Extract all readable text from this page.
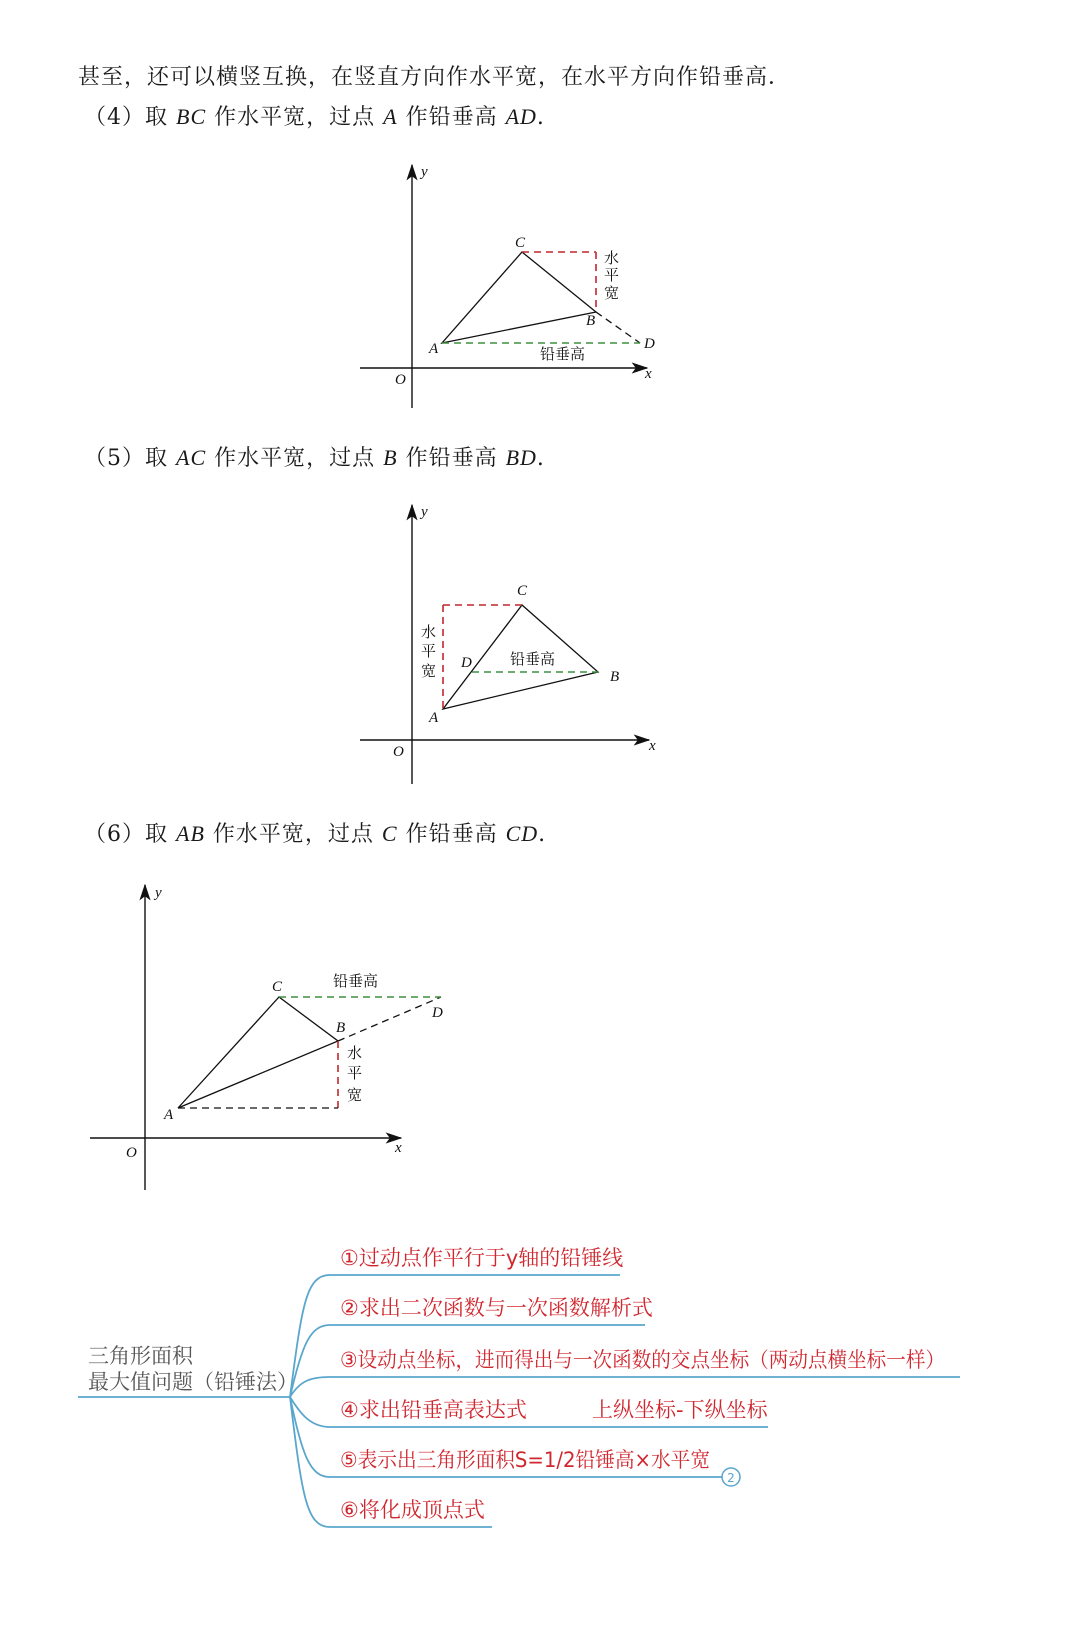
甚至，还可以横竖互换，在竖直方向作水平宽，在水平方向作铅垂高．
（4）取 BC 作水平宽，过点 A 作铅垂高 AD.
y
x
O
A
B
C
D
水
平
宽
铅垂高
（5）取 AC 作水平宽，过点 B 作铅垂高 BD.
y
x
O
A
B
C
D
水
平
宽
铅垂高
（6）取 AB 作水平宽，过点 C 作铅垂高 CD.
y
x
O
A
B
C
D
水
平
宽
铅垂高
2
三角形面积
最大值问题（铅锤法）
①过动点作平行于y轴的铅锤线
②求出二次函数与一次函数解析式
③设动点坐标，进而得出与一次函数的交点坐标（两动点横坐标一样）
④求出铅垂高表达式	上纵坐标-下纵坐标
⑤表示出三角形面积S=1/2铅锤高×水平宽
⑥将化成顶点式
